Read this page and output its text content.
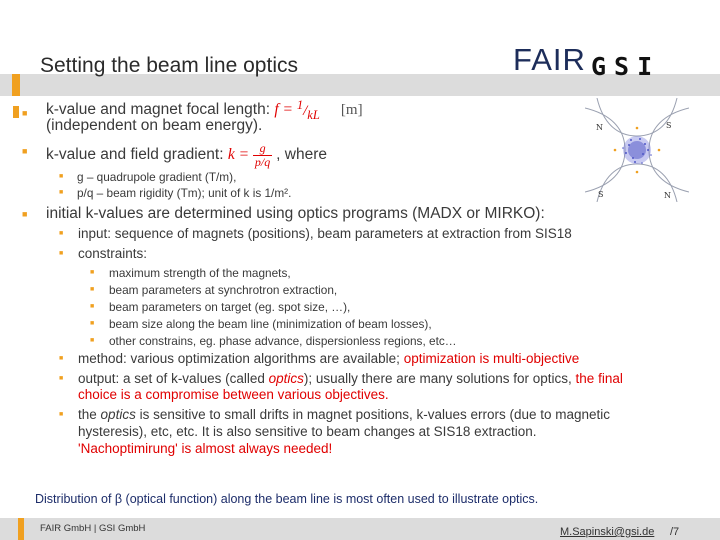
Setting the beam line optics	FAIR GSI
■ k-value and magnet focal length: $f = ^1/_{kL}$ [m]
(independent on beam energy).
■ k-value and field gradient: $k = \frac{g}{p/q}$ , where
■ g – quadrupole gradient (T/m),
■ p/q – beam rigidity (Tm); unit of k is 1/m².
■ initial k-values are determined using optics programs (MADX or MIRKO):
■ input: sequence of magnets (positions), beam parameters at extraction from SIS18
■ constraints:
■ maximum strength of the magnets,
■ beam parameters at synchrotron extraction,
■ beam parameters on target (eg. spot size, …),
■ beam size along the beam line (minimization of beam losses),
■ other constrains, eg. phase advance, dispersionless regions, etc…
■ method: various optimization algorithms are available; optimization is multi-objective
■ output: a set of k-values (called optics); usually there are many solutions for optics, the final
choice is a compromise between various objectives.
■ the optics is sensitive to small drifts in magnet positions, k-values errors (due to magnetic
hysteresis), etc, etc. It is also sensitive to beam changes at SIS18 extraction.
'Nachoptimirung' is almost always needed!
N	S
S	N
Distribution of β (optical function) along the beam line is most often used to illustrate optics.
FAIR GmbH | GSI GmbH	M.Sapinski@gsi.de /7
